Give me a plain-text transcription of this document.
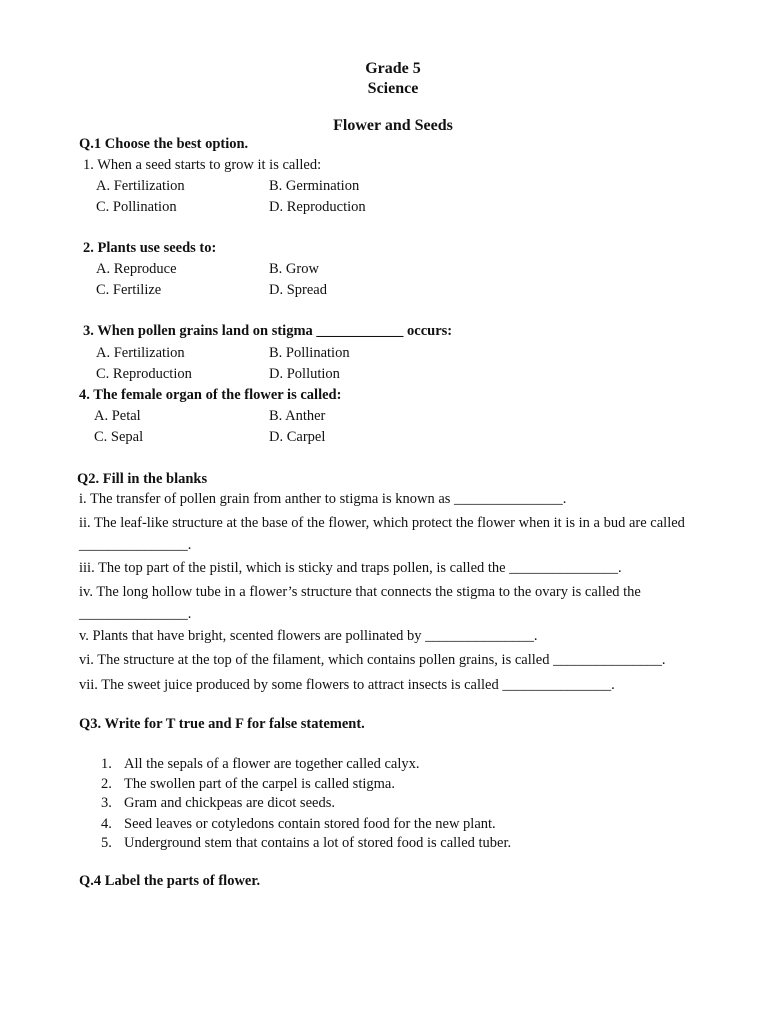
Grade 5
Science
Flower and Seeds
Q.1 Choose the best option.
1. When a seed starts to grow it is called:
A. Fertilization	B. Germination
C. Pollination	D. Reproduction
2. Plants use seeds to:
A. Reproduce	B. Grow
C. Fertilize	D. Spread
3. When pollen grains land on stigma ____________ occurs:
A. Fertilization	B. Pollination
C. Reproduction	D. Pollution
4. The female organ of the flower is called:
A. Petal	B. Anther
C. Sepal	D. Carpel
Q2. Fill in the blanks
i. The transfer of pollen grain from anther to stigma is known as _______________.
ii. The leaf-like structure at the base of the flower, which protect the flower when it is in a bud are called
_______________.
iii. The top part of the pistil, which is sticky and traps pollen, is called the _______________.
iv. The long hollow tube in a flower’s structure that connects the stigma to the ovary is called the
_______________.
v. Plants that have bright, scented flowers are pollinated by _______________.
vi. The structure at the top of the filament, which contains pollen grains, is called _______________.
vii. The sweet juice produced by some flowers to attract insects is called _______________.
Q3. Write for T true and F for false statement.
1. All the sepals of a flower are together called calyx.
2. The swollen part of the carpel is called stigma.
3. Gram and chickpeas are dicot seeds.
4. Seed leaves or cotyledons contain stored food for the new plant.
5. Underground stem that contains a lot of stored food is called tuber.
Q.4 Label the parts of flower.
